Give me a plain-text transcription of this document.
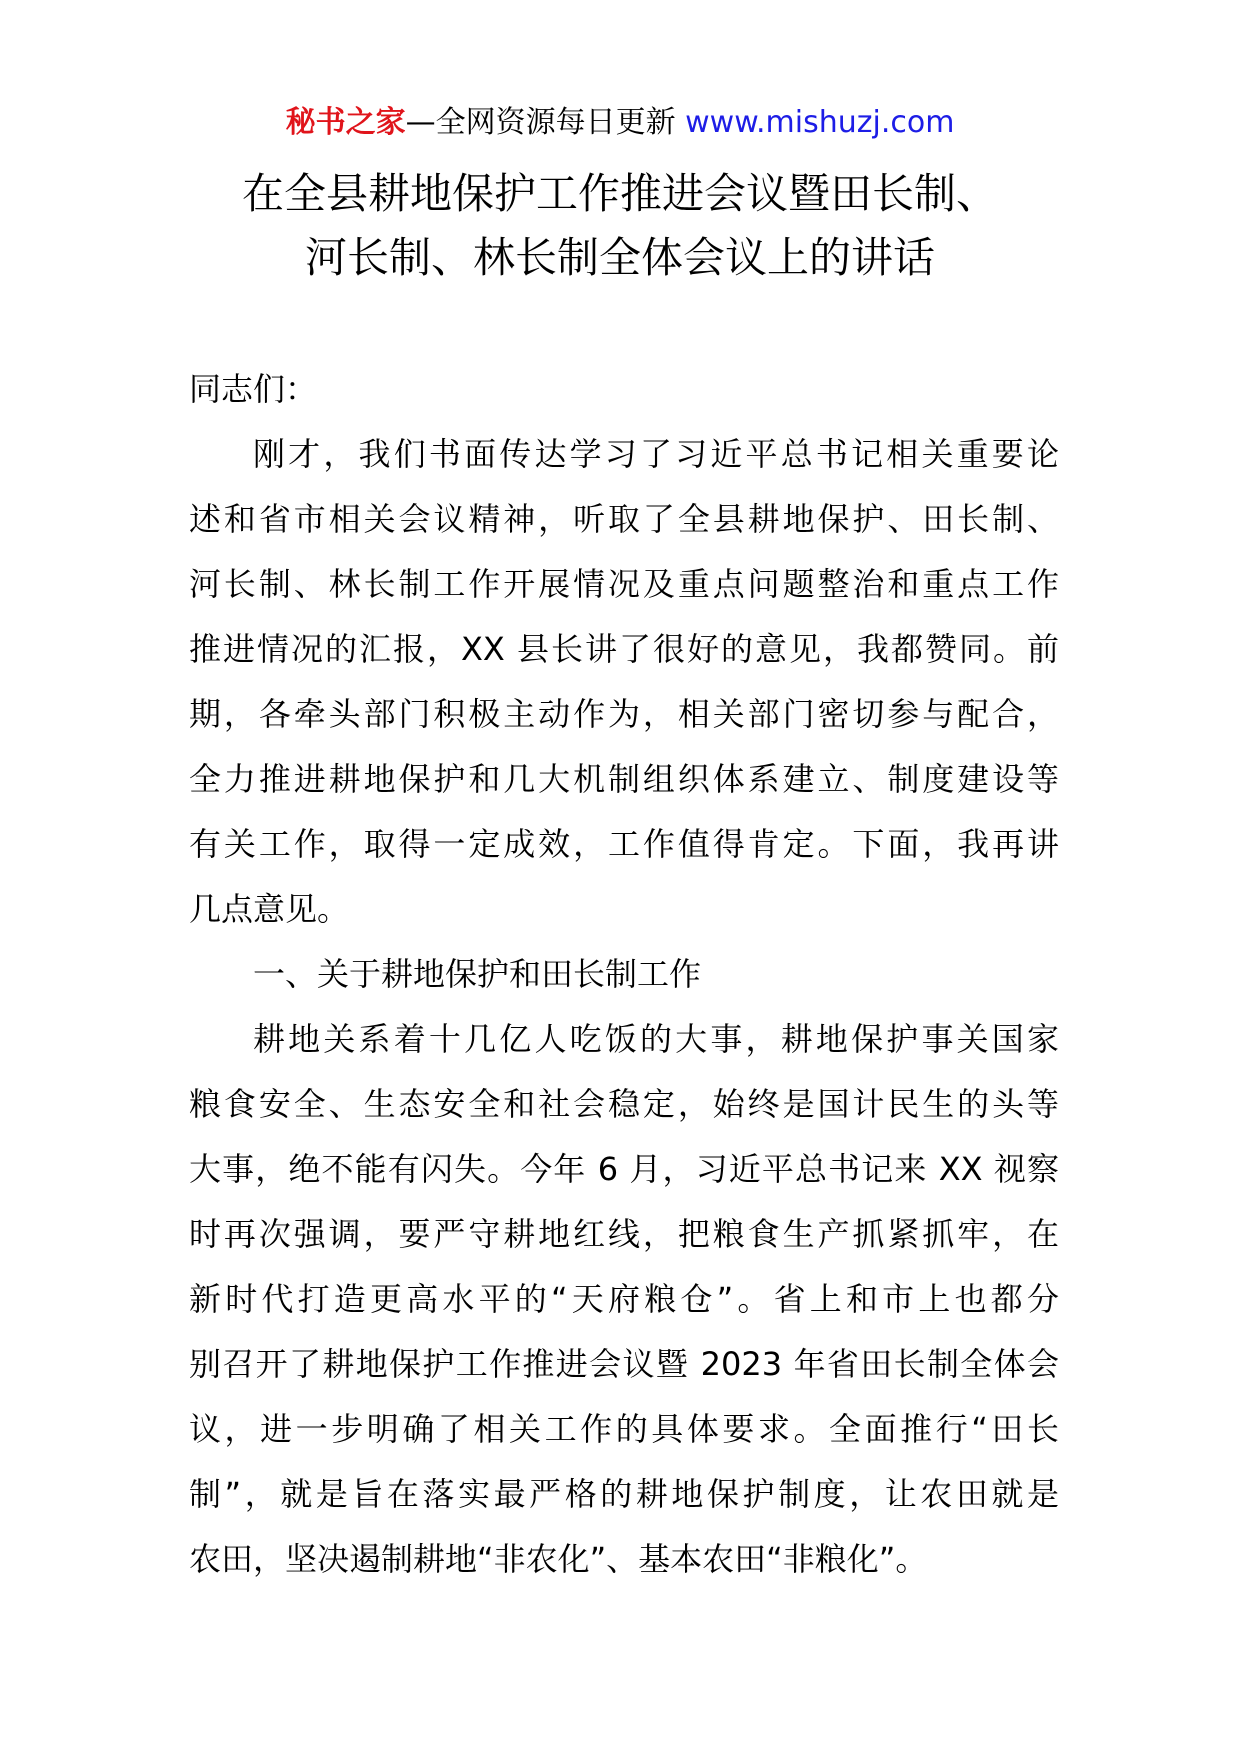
秘书之家—全网资源每日更新 www.mishuzj.com
在全县耕地保护工作推进会议暨田长制、
河长制、林长制全体会议上的讲话

同志们：

刚才，我们书面传达学习了习近平总书记相关重要论
述和省市相关会议精神，听取了全县耕地保护、田长制、
河长制、林长制工作开展情况及重点问题整治和重点工作
推进情况的汇报，XX 县长讲了很好的意见，我都赞同。前
期，各牵头部门积极主动作为，相关部门密切参与配合，
全力推进耕地保护和几大机制组织体系建立、制度建设等
有关工作，取得一定成效，工作值得肯定。下面，我再讲
几点意见。

一、关于耕地保护和田长制工作

耕地关系着十几亿人吃饭的大事，耕地保护事关国家
粮食安全、生态安全和社会稳定，始终是国计民生的头等
大事，绝不能有闪失。今年 6 月，习近平总书记来 XX 视察
时再次强调，要严守耕地红线，把粮食生产抓紧抓牢，在
新时代打造更高水平的“天府粮仓”。省上和市上也都分
别召开了耕地保护工作推进会议暨 2023 年省田长制全体会
议，进一步明确了相关工作的具体要求。全面推行“田长
制”，就是旨在落实最严格的耕地保护制度，让农田就是
农田，坚决遏制耕地“非农化”、基本农田“非粮化”。
